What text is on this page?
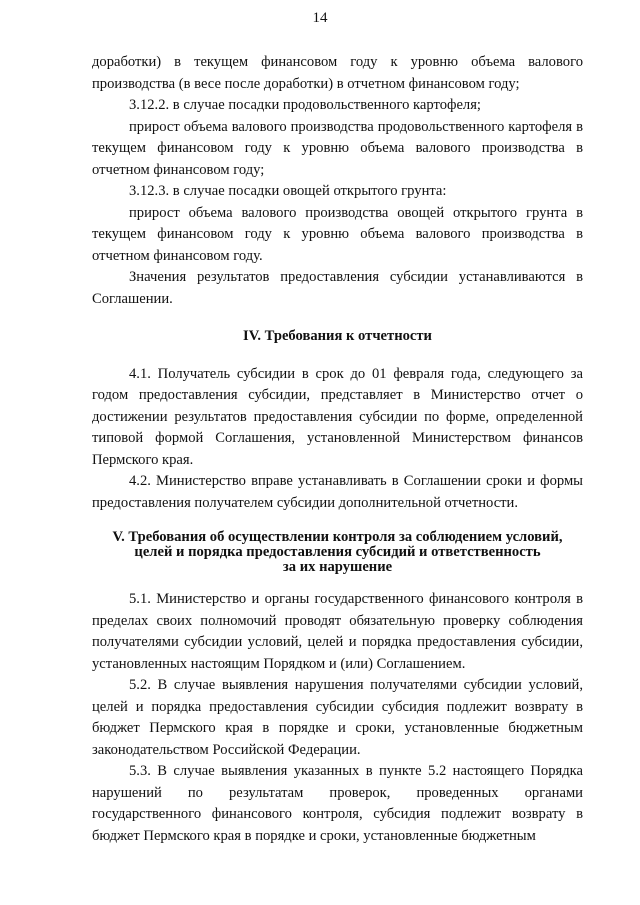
14

доработки) в текущем финансовом году к уровню объема валового производства (в весе после доработки) в отчетном финансовом году;

3.12.2. в случае посадки продовольственного картофеля;

прирост объема валового производства продовольственного картофеля в текущем финансовом году к уровню объема валового производства в отчетном финансовом году;

3.12.3. в случае посадки овощей открытого грунта:

прирост объема валового производства овощей открытого грунта в текущем финансовом году к уровню объема валового производства в отчетном финансовом году.

Значения результатов предоставления субсидии устанавливаются в Соглашении.

IV. Требования к отчетности

4.1. Получатель субсидии в срок до 01 февраля года, следующего за годом предоставления субсидии, представляет в Министерство отчет о достижении результатов предоставления субсидии по форме, определенной типовой формой Соглашения, установленной Министерством финансов Пермского края.

4.2. Министерство вправе устанавливать в Соглашении сроки и формы предоставления получателем субсидии дополнительной отчетности.

V. Требования об осуществлении контроля за соблюдением условий,
целей и порядка предоставления субсидий и ответственность
за их нарушение

5.1. Министерство и органы государственного финансового контроля в пределах своих полномочий проводят обязательную проверку соблюдения получателями субсидии условий, целей и порядка предоставления субсидии, установленных настоящим Порядком и (или) Соглашением.

5.2. В случае выявления нарушения получателями субсидии условий, целей и порядка предоставления субсидии субсидия подлежит возврату в бюджет Пермского края в порядке и сроки, установленные бюджетным законодательством Российской Федерации.

5.3. В случае выявления указанных в пункте 5.2 настоящего Порядка нарушений по результатам проверок, проведенных органами государственного финансового контроля, субсидия подлежит возврату в бюджет Пермского края в порядке и сроки, установленные бюджетным
